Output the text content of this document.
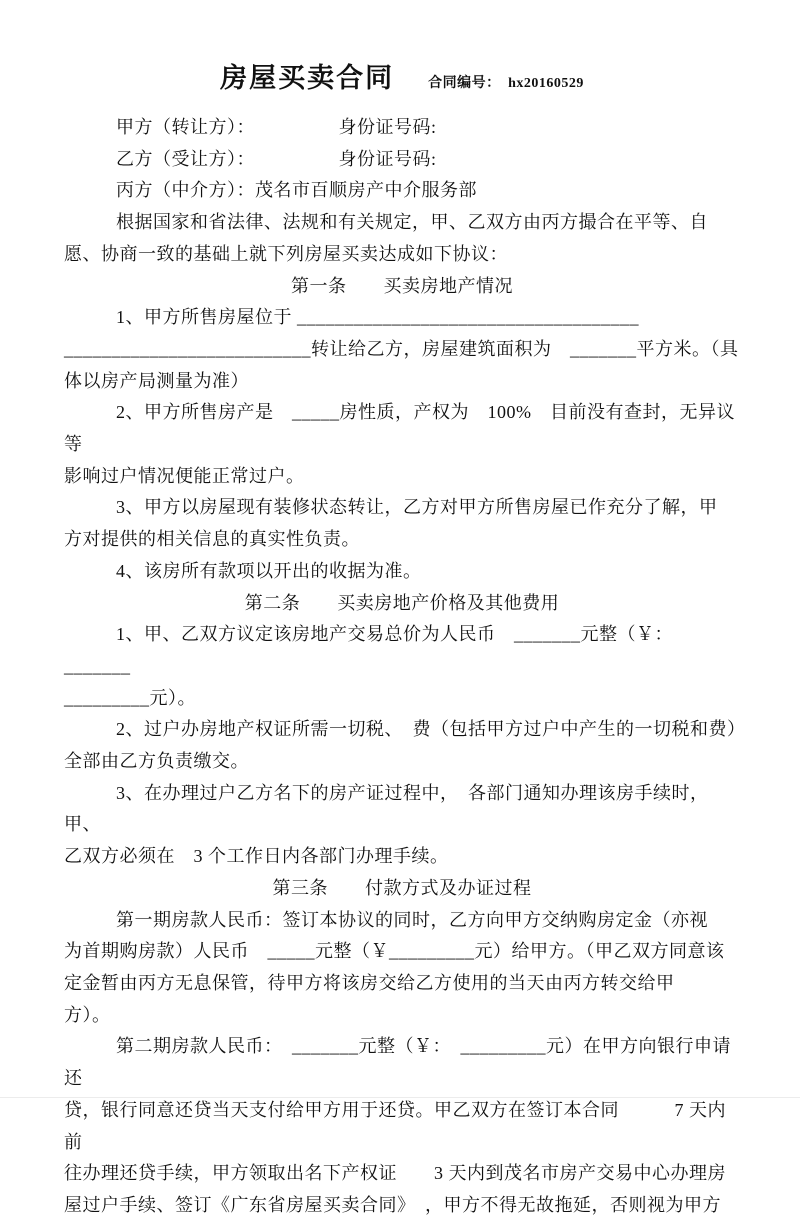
房屋买卖合同 合同编号：　 hx20160529
甲方（转让方）：　　　　　身份证号码:
乙方（受让方）：　　　　　身份证号码:
丙方（中介方）：茂名市百顺房产中介服务部
根据国家和省法律、法规和有关规定，甲、乙双方由丙方撮合在平等、自
愿、协商一致的基础上就下列房屋买卖达成如下协议：
第一条　　买卖房地产情况
1、甲方所售房屋位于 ____________________________________
__________________________转让给乙方，房屋建筑面积为　_______平方米。（具
体以房产局测量为准）
2、甲方所售房产是　_____房性质，产权为　100%　目前没有查封，无异议等
影响过户情况便能正常过户。
3、甲方以房屋现有装修状态转让，乙方对甲方所售房屋已作充分了解，甲
方对提供的相关信息的真实性负责。
4、该房所有款项以开出的收据为准。
第二条　　买卖房地产价格及其他费用
1、甲、乙双方议定该房地产交易总价为人民币　_______元整（￥：　_______
_________元）。
2、过户办房地产权证所需一切税、　费（包括甲方过户中产生的一切税和费）
全部由乙方负责缴交。
3、在办理过户乙方名下的房产证过程中，　各部门通知办理该房手续时，　甲、
乙双方必须在　3 个工作日内各部门办理手续。
第三条　　付款方式及办证过程
第一期房款人民币：签订本协议的同时，乙方向甲方交纳购房定金（亦视
为首期购房款）人民币　_____元整（￥_________元）给甲方。（甲乙双方同意该
定金暂由丙方无息保管，待甲方将该房交给乙方使用的当天由丙方转交给甲
方）。
第二期房款人民币：　_______元整（￥：　_________元）在甲方向银行申请还
贷，银行同意还贷当天支付给甲方用于还贷。甲乙双方在签订本合同　　　7 天内前
往办理还贷手续，甲方领取出名下产权证　　3 天内到茂名市房产交易中心办理房
屋过户手续、签订《广东省房屋买卖合同》　，甲方不得无故拖延，否则视为甲方
